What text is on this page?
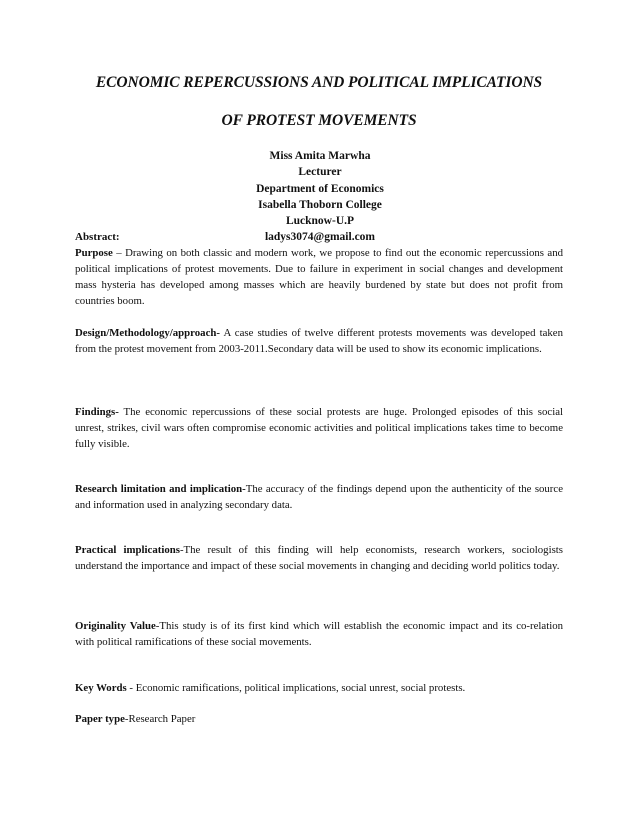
ECONOMIC REPERCUSSIONS AND POLITICAL IMPLICATIONS
OF PROTEST MOVEMENTS
Miss Amita Marwha
Lecturer
Department of Economics
Isabella Thoborn College
Lucknow-U.P
ladys3074@gmail.com
Abstract:

Purpose – Drawing on both classic and modern work, we propose to find out the economic repercussions and political implications of protest movements. Due to failure in experiment in social changes and development mass hysteria has developed among masses which are heavily burdened by state but does not profit from countries boom.

Design/Methodology/approach- A case studies of twelve different protests movements was developed taken from the protest movement from 2003-2011.Secondary data will be used to show its economic implications.

Findings- The economic repercussions of these social protests are huge. Prolonged episodes of this social unrest, strikes, civil wars often compromise economic activities and political implications takes time to become fully visible.

Research limitation and implication-The accuracy of the findings depend upon the authenticity of the source and information used in analyzing secondary data.

Practical implications-The result of this finding will help economists, research workers, sociologists understand the importance and impact of these social movements in changing and deciding world politics today.

Originality Value-This study is of its first kind which will establish the economic impact and its co-relation with political ramifications of these social movements.

Key Words - Economic ramifications, political implications, social unrest, social protests.

Paper type-Research Paper
